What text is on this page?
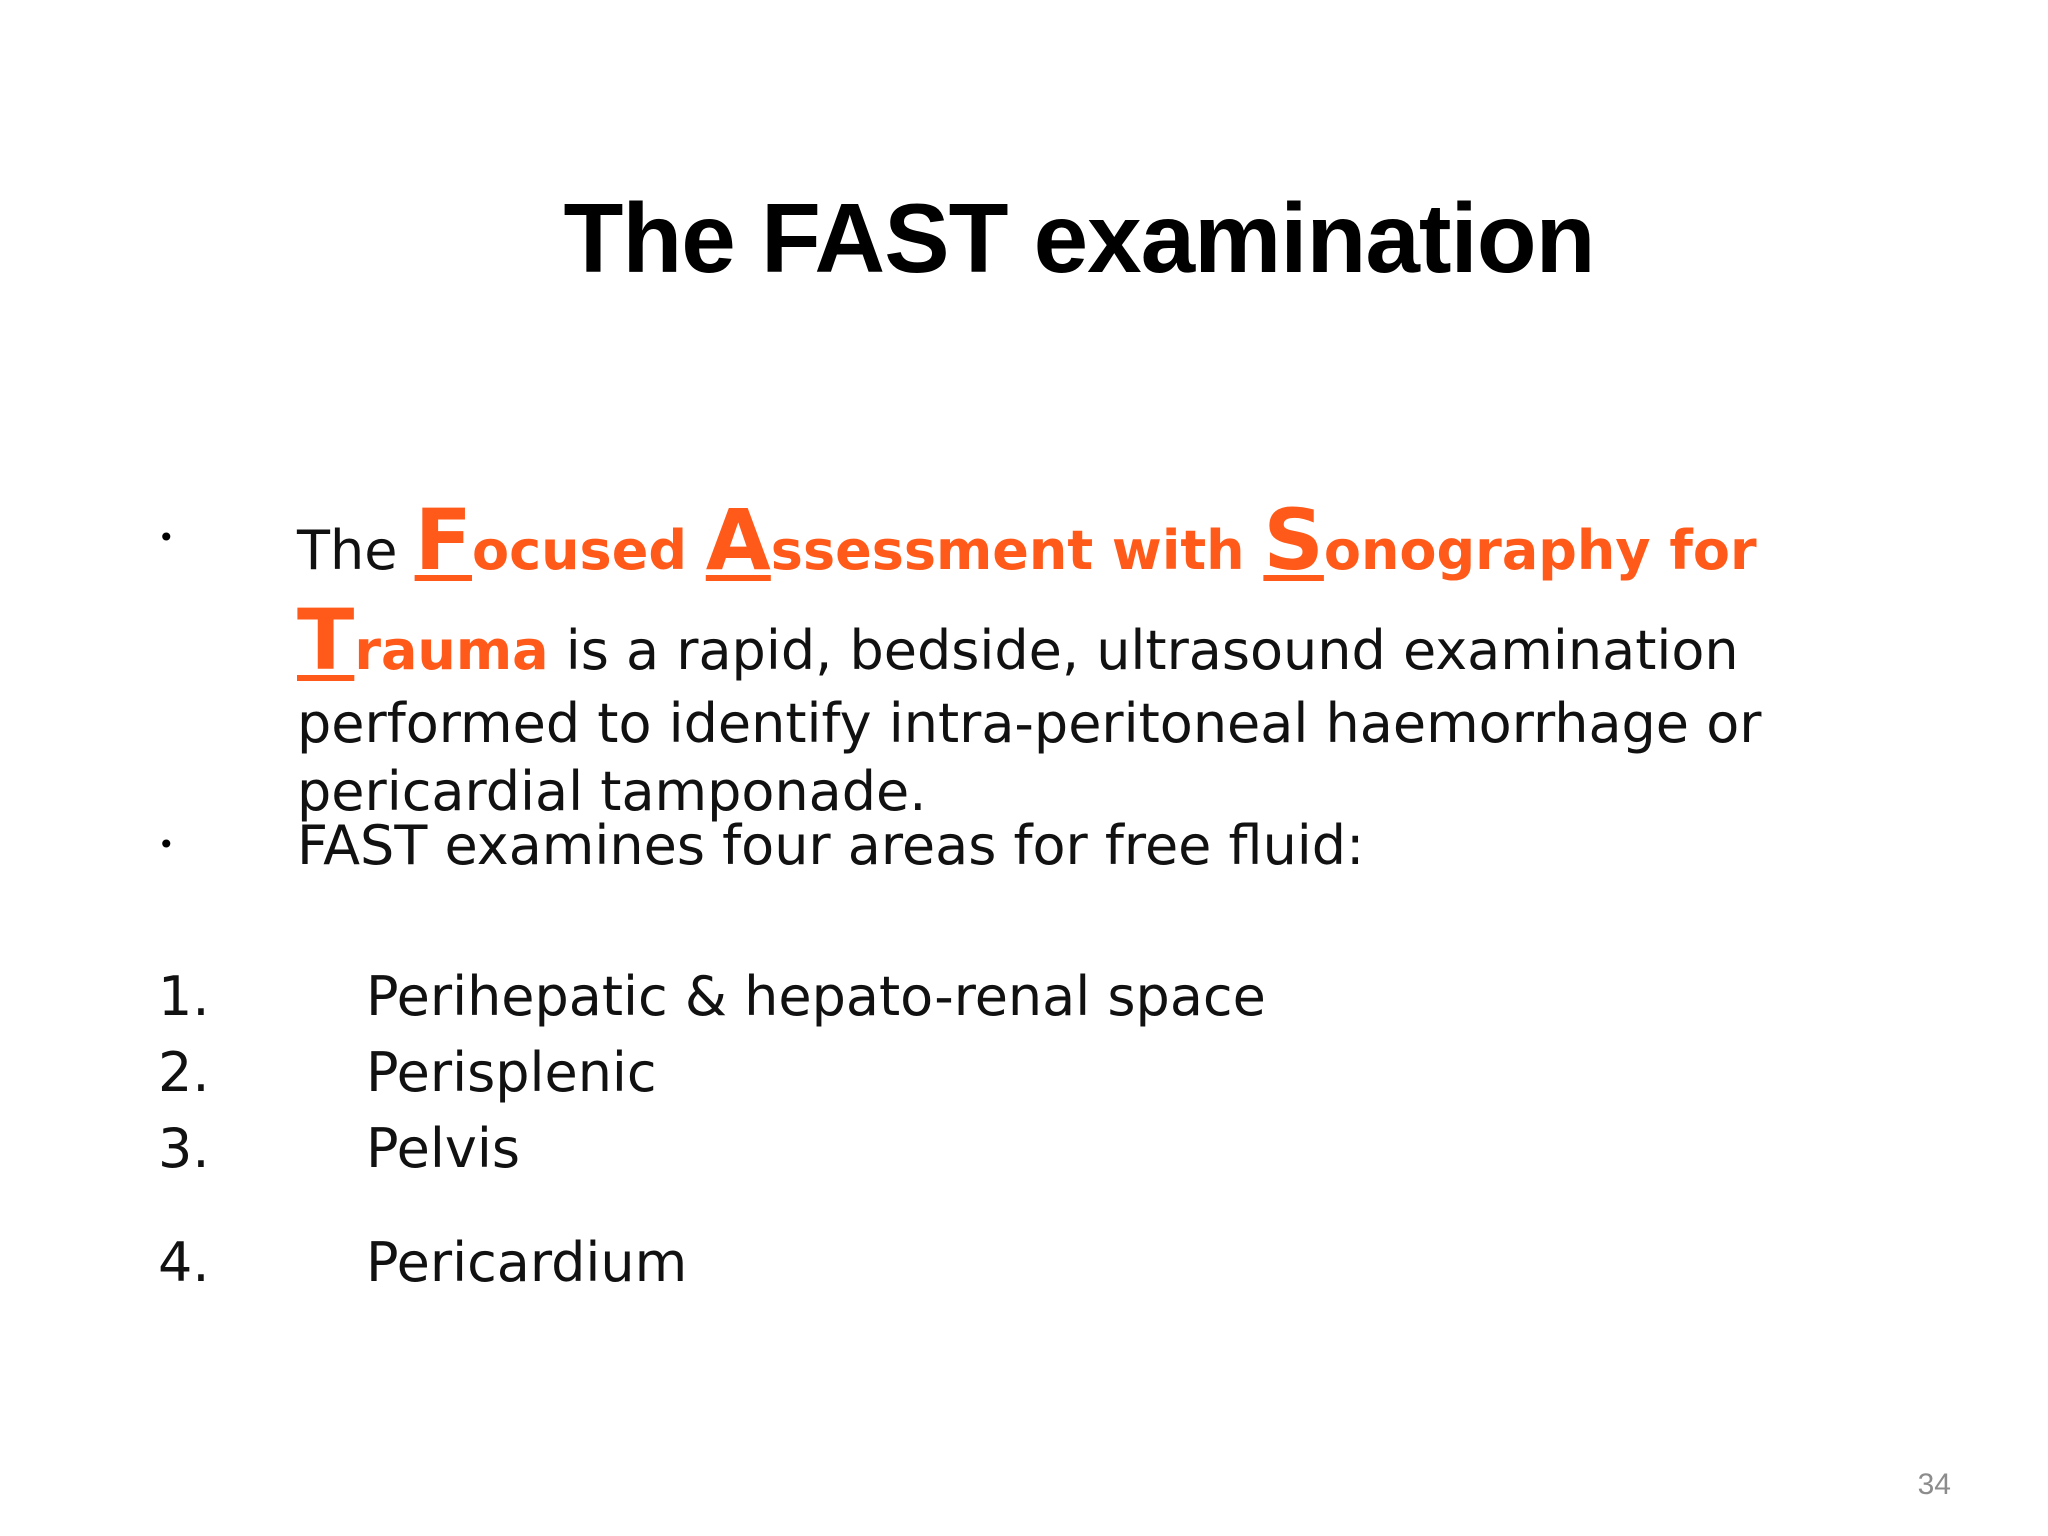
The FAST examination
• The Focused Assessment with Sonography for
Trauma is a rapid, bedside, ultrasound examination
performed to identify intra-peritoneal haemorrhage or
pericardial tamponade.
• FAST examines four areas for free fluid:
1.	Perihepatic & hepato-renal space
2.	Perisplenic
3.	Pelvis
4.	Pericardium
34
